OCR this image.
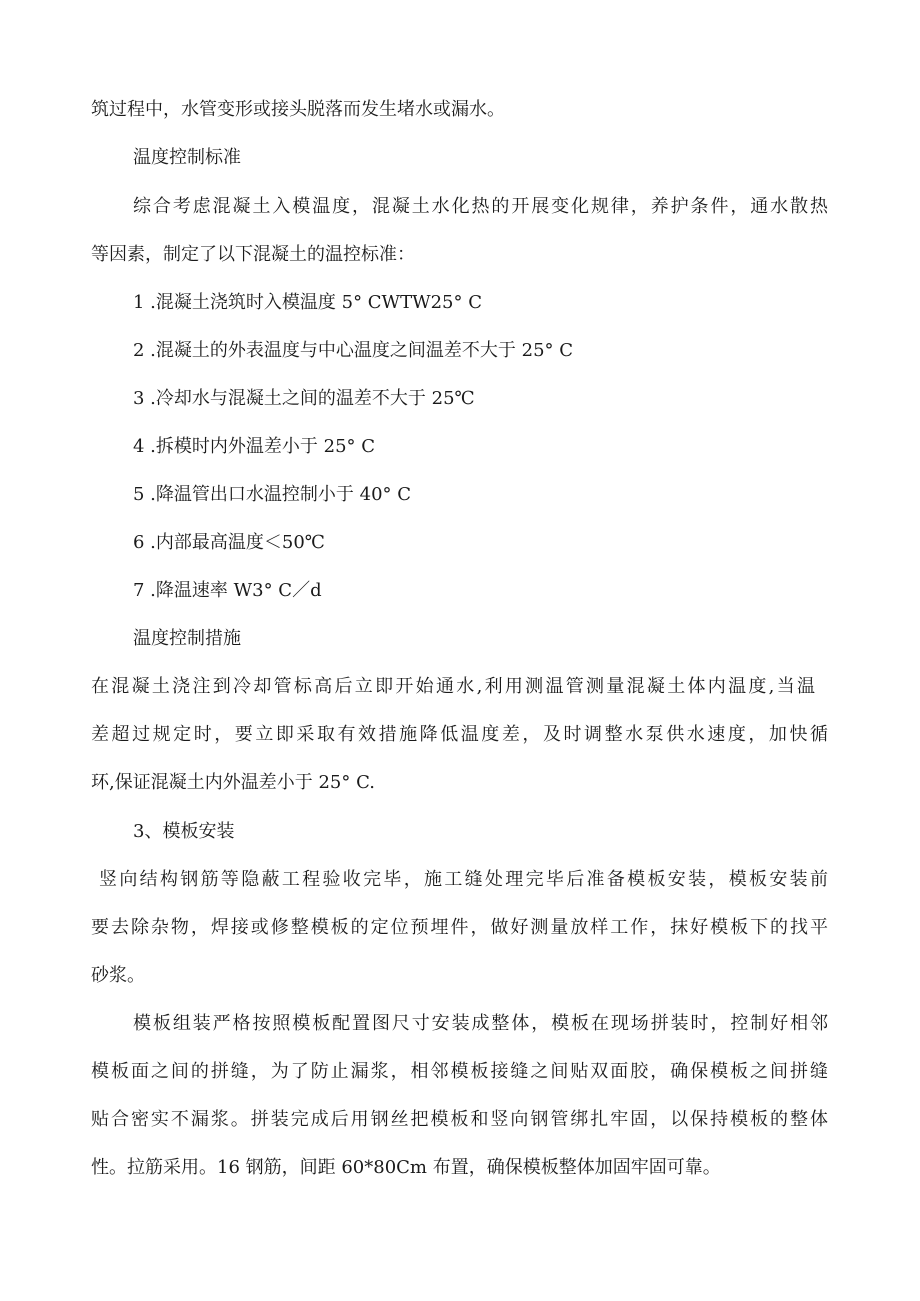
筑过程中，水管变形或接头脱落而发生堵水或漏水。
温度控制标准
综合考虑混凝土入模温度，混凝土水化热的开展变化规律，养护条件，通水散热
等因素，制定了以下混凝土的温控标准：
1 .混凝土浇筑时入模温度 5° CWTW25° C
2 .混凝土的外表温度与中心温度之间温差不大于 25° C
3 .冷却水与混凝土之间的温差不大于 25℃
4 .拆模时内外温差小于 25° C
5 .降温管出口水温控制小于 40° C
6 .内部最高温度＜50℃
7 .降温速率 W3° C／d
温度控制措施
在混凝土浇注到冷却管标高后立即开始通水,利用测温管测量混凝土体内温度,当温
差超过规定时，要立即采取有效措施降低温度差，及时调整水泵供水速度，加快循
环,保证混凝土内外温差小于 25° C.
3、模板安装
竖向结构钢筋等隐蔽工程验收完毕，施工缝处理完毕后准备模板安装，模板安装前
要去除杂物，焊接或修整模板的定位预埋件，做好测量放样工作，抹好模板下的找平
砂浆。
模板组装严格按照模板配置图尺寸安装成整体，模板在现场拼装时，控制好相邻
模板面之间的拼缝，为了防止漏浆，相邻模板接缝之间贴双面胶，确保模板之间拼缝
贴合密实不漏浆。拼装完成后用钢丝把模板和竖向钢管绑扎牢固，以保持模板的整体
性。拉筋采用。16 钢筋，间距 60*80Cm 布置，确保模板整体加固牢固可靠。
